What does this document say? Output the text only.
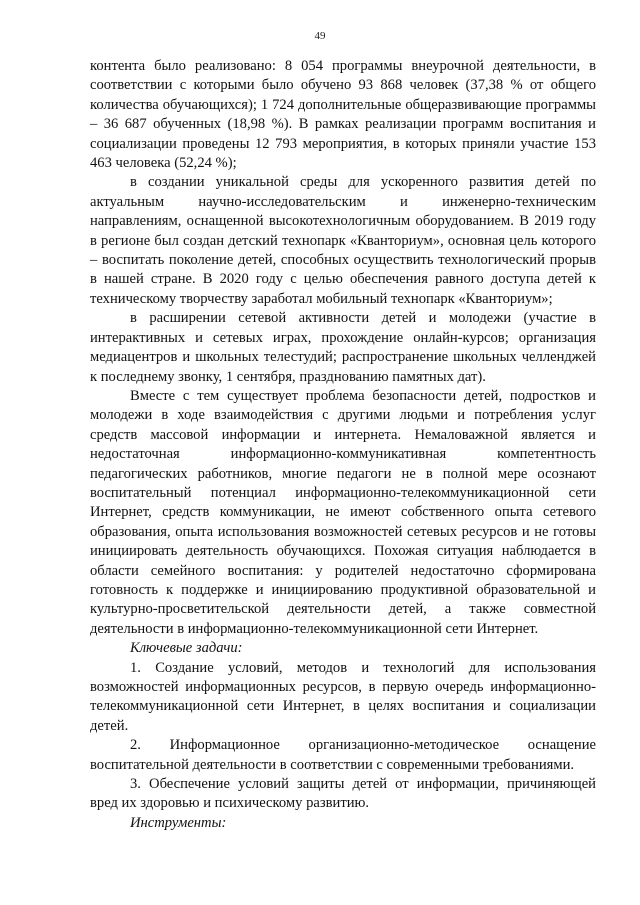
49

контента было реализовано: 8 054 программы внеурочной деятельности, в соответствии с которыми было обучено 93 868 человек (37,38 % от общего количества обучающихся); 1 724 дополнительные общеразвивающие программы – 36 687 обученных (18,98 %). В рамках реализации программ воспитания и социализации проведены 12 793 мероприятия, в которых приняли участие 153 463 человека (52,24 %);

в создании уникальной среды для ускоренного развития детей по актуальным научно-исследовательским и инженерно-техническим направлениям, оснащенной высокотехнологичным оборудованием. В 2019 году в регионе был создан детский технопарк «Кванториум», основная цель которого – воспитать поколение детей, способных осуществить технологический прорыв в нашей стране. В 2020 году с целью обеспечения равного доступа детей к техническому творчеству заработал мобильный технопарк «Кванториум»;

в расширении сетевой активности детей и молодежи (участие в интерактивных и сетевых играх, прохождение онлайн-курсов; организация медиацентров и школьных телестудий; распространение школьных челленджей к последнему звонку, 1 сентября, празднованию памятных дат).

Вместе с тем существует проблема безопасности детей, подростков и молодежи в ходе взаимодействия с другими людьми и потребления услуг средств массовой информации и интернета. Немаловажной является и недостаточная информационно-коммуникативная компетентность педагогических работников, многие педагоги не в полной мере осознают воспитательный потенциал информационно-телекоммуникационной сети Интернет, средств коммуникации, не имеют собственного опыта сетевого образования, опыта использования возможностей сетевых ресурсов и не готовы инициировать деятельность обучающихся. Похожая ситуация наблюдается в области семейного воспитания: у родителей недостаточно сформирована готовность к поддержке и инициированию продуктивной образовательной и культурно-просветительской деятельности детей, а также совместной деятельности в информационно-телекоммуникационной сети Интернет.

Ключевые задачи:

1. Создание условий, методов и технологий для использования возможностей информационных ресурсов, в первую очередь информационно-телекоммуникационной сети Интернет, в целях воспитания и социализации детей.

2. Информационное организационно-методическое оснащение воспитательной деятельности в соответствии с современными требованиями.

3. Обеспечение условий защиты детей от информации, причиняющей вред их здоровью и психическому развитию.

Инструменты:
